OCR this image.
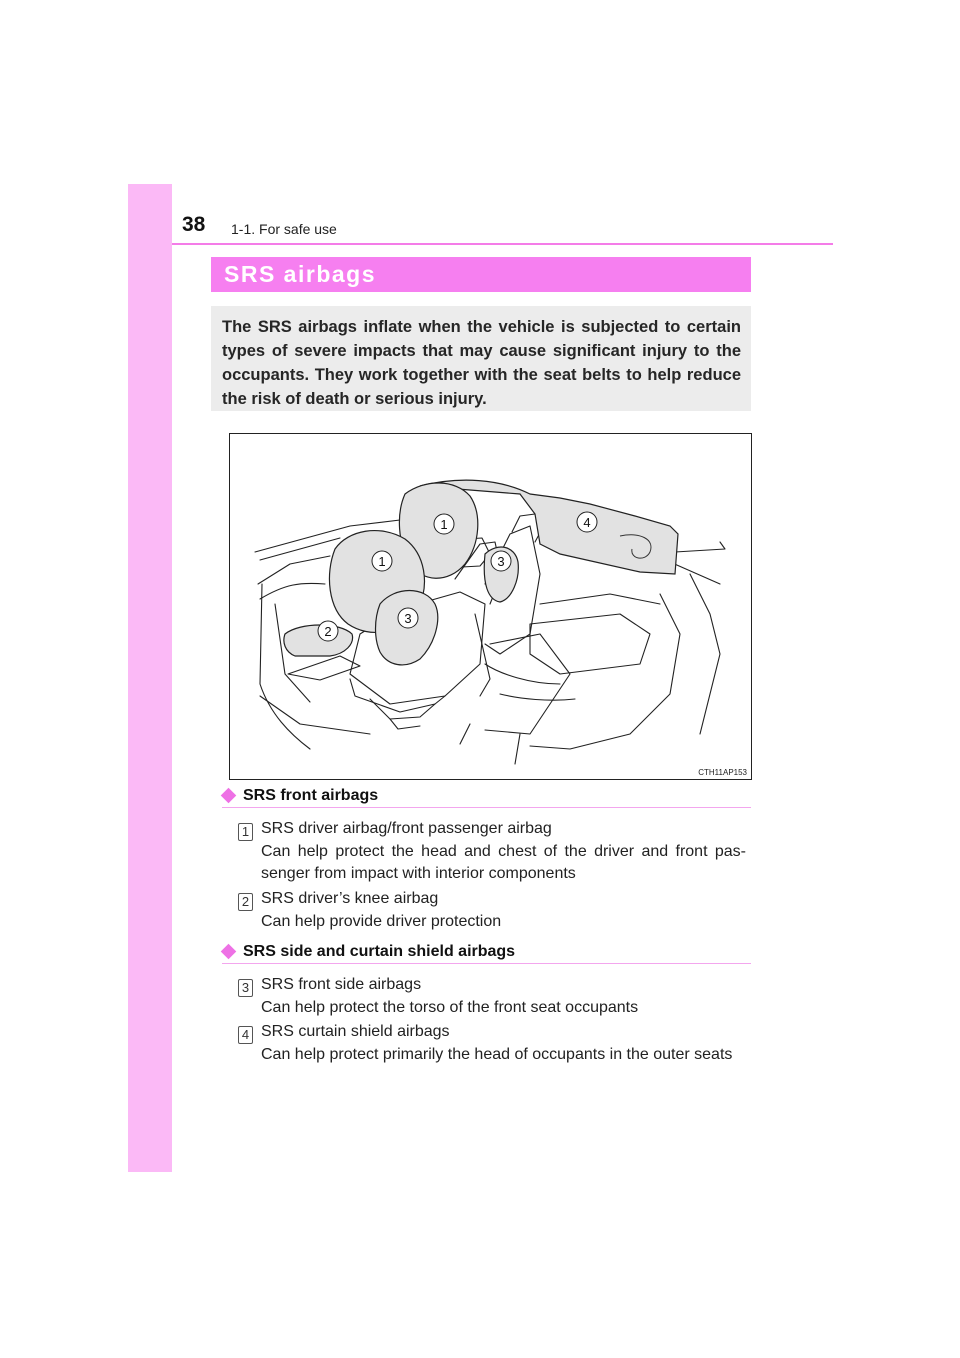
38 1-1. For safe use
SRS airbags
The SRS airbags inflate when the vehicle is subjected to certain types of severe impacts that may cause significant injury to the occupants. They work together with the seat belts to help reduce the risk of death or serious injury.
1
1
2
3
3
4
CTH11AP153
SRS front airbags
1 SRS driver airbag/front passenger airbag
Can help protect the head and chest of the driver and front pas-senger from impact with interior components
2 SRS driver’s knee airbag
Can help provide driver protection
SRS side and curtain shield airbags
3 SRS front side airbags
Can help protect the torso of the front seat occupants
4 SRS curtain shield airbags
Can help protect primarily the head of occupants in the outer seats
